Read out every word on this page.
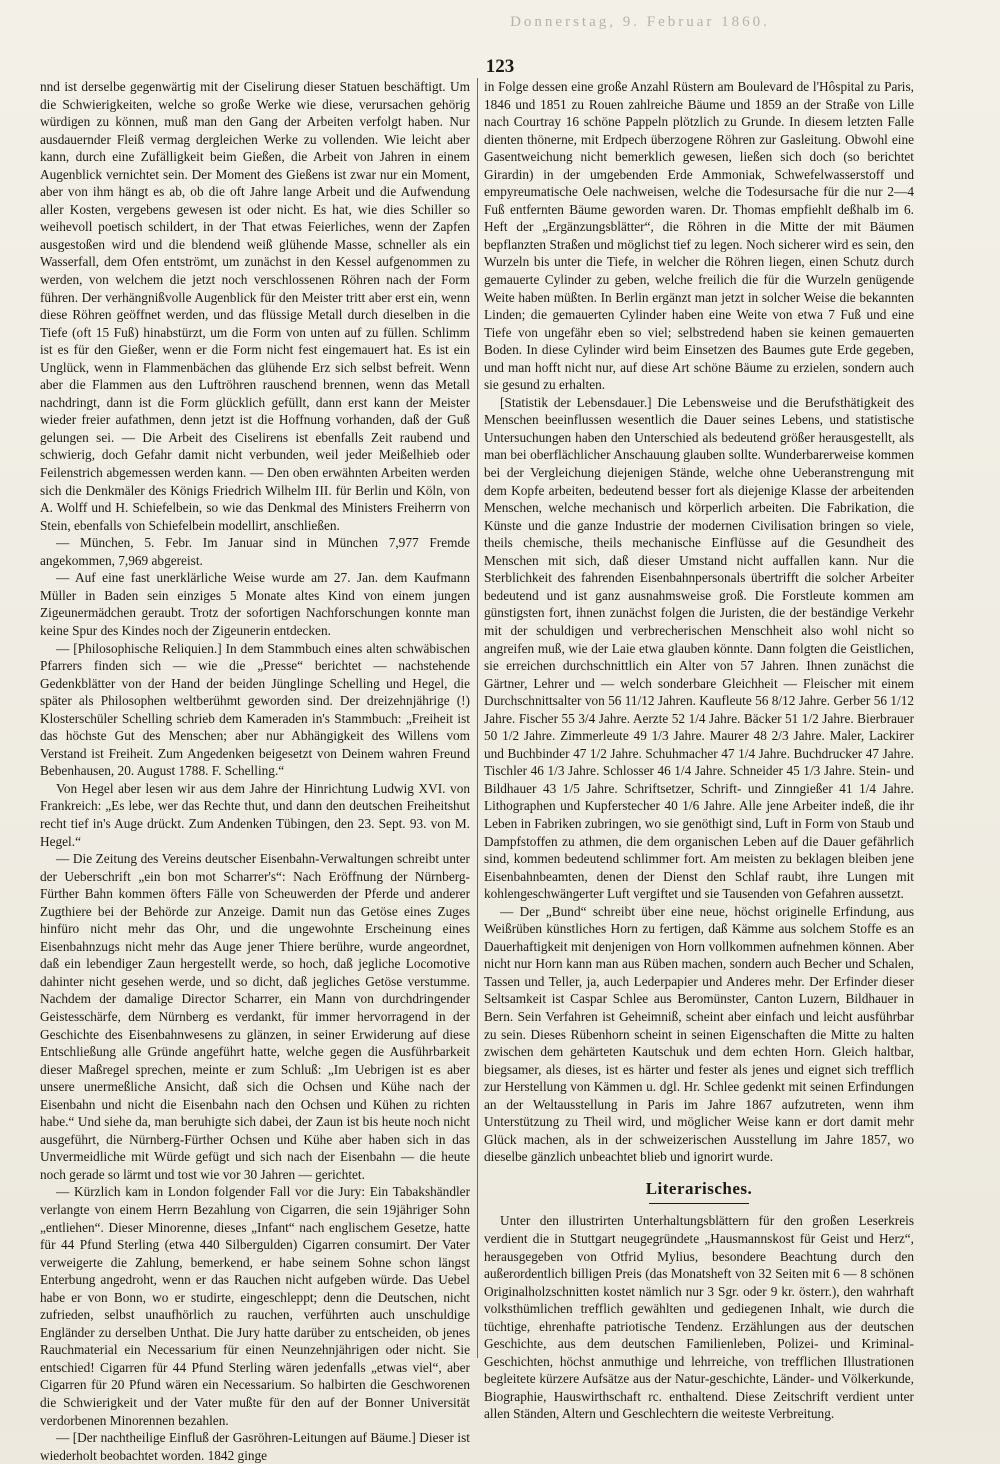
Donnerstag, 9. Februar 1860.
123

nnd ist derselbe gegenwärtig mit der Ciselirung dieser Statuen beschäftigt. Um die Schwierigkeiten, welche so große Werke wie diese, verursachen gehörig würdigen zu können, muß man den Gang der Arbeiten verfolgt haben. Nur ausdauernder Fleiß vermag dergleichen Werke zu vollenden. Wie leicht aber kann, durch eine Zufälligkeit beim Gießen, die Arbeit von Jahren in einem Augenblick vernichtet sein. Der Moment des Gießens ist zwar nur ein Moment, aber von ihm hängt es ab, ob die oft Jahre lange Arbeit und die Aufwendung aller Kosten, vergebens gewesen ist oder nicht. Es hat, wie dies Schiller so weihevoll poetisch schildert, in der That etwas Feierliches, wenn der Zapfen ausgestoßen wird und die blendend weiß glühende Masse, schneller als ein Wasserfall, dem Ofen entströmt, um zunächst in den Kessel aufgenommen zu werden, von welchem die jetzt noch verschlossenen Röhren nach der Form führen. Der verhängnißvolle Augenblick für den Meister tritt aber erst ein, wenn diese Röhren geöffnet werden, und das flüssige Metall durch dieselben in die Tiefe (oft 15 Fuß) hinabstürzt, um die Form von unten auf zu füllen. Schlimm ist es für den Gießer, wenn er die Form nicht fest eingemauert hat. Es ist ein Unglück, wenn in Flammenbächen das glühende Erz sich selbst befreit. Wenn aber die Flammen aus den Luftröhren rauschend brennen, wenn das Metall nachdringt, dann ist die Form glücklich gefüllt, dann erst kann der Meister wieder freier aufathmen, denn jetzt ist die Hoffnung vorhanden, daß der Guß gelungen sei. — Die Arbeit des Ciselirens ist ebenfalls Zeit raubend und schwierig, doch Gefahr damit nicht verbunden, weil jeder Meißelhieb oder Feilenstrich abgemessen werden kann. — Den oben erwähnten Arbeiten werden sich die Denkmäler des Königs Friedrich Wilhelm III. für Berlin und Köln, von A. Wolff und H. Schiefelbein, so wie das Denkmal des Ministers Freiherrn von Stein, ebenfalls von Schiefelbein modellirt, anschließen.

— München, 5. Febr. Im Januar sind in München 7,977 Fremde angekommen, 7,969 abgereist.

— Auf eine fast unerklärliche Weise wurde am 27. Jan. dem Kaufmann Müller in Baden sein einziges 5 Monate altes Kind von einem jungen Zigeunermädchen geraubt. Trotz der sofortigen Nachforschungen konnte man keine Spur des Kindes noch der Zigeunerin entdecken.

— [Philosophische Reliquien.] In dem Stammbuch eines alten schwäbischen Pfarrers finden sich — wie die „Presse“ berichtet — nachstehende Gedenkblätter von der Hand der beiden Jünglinge Schelling und Hegel, die später als Philosophen weltberühmt geworden sind. Der dreizehnjährige (!) Klosterschüler Schelling schrieb dem Kameraden in's Stammbuch: „Freiheit ist das höchste Gut des Menschen; aber nur Abhängigkeit des Willens vom Verstand ist Freiheit. Zum Angedenken beigesetzt von Deinem wahren Freund Bebenhausen, 20. August 1788. F. Schelling.“

Von Hegel aber lesen wir aus dem Jahre der Hinrichtung Ludwig XVI. von Frankreich: „Es lebe, wer das Rechte thut, und dann den deutschen Freiheitshut recht tief in's Auge drückt. Zum Andenken Tübingen, den 23. Sept. 93. von M. Hegel.“

— Die Zeitung des Vereins deutscher Eisenbahn-Verwaltungen schreibt unter der Ueberschrift „ein bon mot Scharrer's“: Nach Eröffnung der Nürnberg-Fürther Bahn kommen öfters Fälle von Scheuwerden der Pferde und anderer Zugthiere bei der Behörde zur Anzeige. Damit nun das Getöse eines Zuges hinfüro nicht mehr das Ohr, und die ungewohnte Erscheinung eines Eisenbahnzugs nicht mehr das Auge jener Thiere berühre, wurde angeordnet, daß ein lebendiger Zaun hergestellt werde, so hoch, daß jegliche Locomotive dahinter nicht gesehen werde, und so dicht, daß jegliches Getöse verstumme. Nachdem der damalige Director Scharrer, ein Mann von durchdringender Geistesschärfe, dem Nürnberg es verdankt, für immer hervorragend in der Geschichte des Eisenbahnwesens zu glänzen, in seiner Erwiderung auf diese Entschließung alle Gründe angeführt hatte, welche gegen die Ausführbarkeit dieser Maßregel sprechen, meinte er zum Schluß: „Im Uebrigen ist es aber unsere unermeßliche Ansicht, daß sich die Ochsen und Kühe nach der Eisenbahn und nicht die Eisenbahn nach den Ochsen und Kühen zu richten habe.“ Und siehe da, man beruhigte sich dabei, der Zaun ist bis heute noch nicht ausgeführt, die Nürnberg-Fürther Ochsen und Kühe aber haben sich in das Unvermeidliche mit Würde gefügt und sich nach der Eisenbahn — die heute noch gerade so lärmt und tost wie vor 30 Jahren — gerichtet.

— Kürzlich kam in London folgender Fall vor die Jury: Ein Tabakshändler verlangte von einem Herrn Bezahlung von Cigarren, die sein 19jähriger Sohn „entliehen“. Dieser Minorenne, dieses „Infant“ nach englischem Gesetze, hatte für 44 Pfund Sterling (etwa 440 Silbergulden) Cigarren consumirt. Der Vater verweigerte die Zahlung, bemerkend, er habe seinem Sohne schon längst Enterbung angedroht, wenn er das Rauchen nicht aufgeben würde. Das Uebel habe er von Bonn, wo er studirte, eingeschleppt; denn die Deutschen, nicht zufrieden, selbst unaufhörlich zu rauchen, verführten auch unschuldige Engländer zu derselben Unthat. Die Jury hatte darüber zu entscheiden, ob jenes Rauchmaterial ein Necessarium für einen Neunzehnjährigen oder nicht. Sie entschied! Cigarren für 44 Pfund Sterling wären jedenfalls „etwas viel“, aber Cigarren für 20 Pfund wären ein Necessarium. So halbirten die Geschworenen die Schwierigkeit und der Vater mußte für den auf der Bonner Universität verdorbenen Minorennen bezahlen.

— [Der nachtheilige Einfluß der Gasröhren-Leitungen auf Bäume.] Dieser ist wiederholt beobachtet worden. 1842 ginge

in Folge dessen eine große Anzahl Rüstern am Boulevard de l'Hôspital zu Paris, 1846 und 1851 zu Rouen zahlreiche Bäume und 1859 an der Straße von Lille nach Courtray 16 schöne Pappeln plötzlich zu Grunde. In diesem letzten Falle dienten thönerne, mit Erdpech überzogene Röhren zur Gasleitung. Obwohl eine Gasentweichung nicht bemerklich gewesen, ließen sich doch (so berichtet Girardin) in der umgebenden Erde Ammoniak, Schwefelwasserstoff und empyreumatische Oele nachweisen, welche die Todesursache für die nur 2—4 Fuß entfernten Bäume geworden waren. Dr. Thomas empfiehlt deßhalb im 6. Heft der „Ergänzungsblätter“, die Röhren in die Mitte der mit Bäumen bepflanzten Straßen und möglichst tief zu legen. Noch sicherer wird es sein, den Wurzeln bis unter die Tiefe, in welcher die Röhren liegen, einen Schutz durch gemauerte Cylinder zu geben, welche freilich die für die Wurzeln genügende Weite haben müßten. In Berlin ergänzt man jetzt in solcher Weise die bekannten Linden; die gemauerten Cylinder haben eine Weite von etwa 7 Fuß und eine Tiefe von ungefähr eben so viel; selbstredend haben sie keinen gemauerten Boden. In diese Cylinder wird beim Einsetzen des Baumes gute Erde gegeben, und man hofft nicht nur, auf diese Art schöne Bäume zu erzielen, sondern auch sie gesund zu erhalten.

[Statistik der Lebensdauer.] Die Lebensweise und die Berufsthätigkeit des Menschen beeinflussen wesentlich die Dauer seines Lebens, und statistische Untersuchungen haben den Unterschied als bedeutend größer herausgestellt, als man bei oberflächlicher Anschauung glauben sollte. Wunderbarerweise kommen bei der Vergleichung diejenigen Stände, welche ohne Ueberanstrengung mit dem Kopfe arbeiten, bedeutend besser fort als diejenige Klasse der arbeitenden Menschen, welche mechanisch und körperlich arbeiten. Die Fabrikation, die Künste und die ganze Industrie der modernen Civilisation bringen so viele, theils chemische, theils mechanische Einflüsse auf die Gesundheit des Menschen mit sich, daß dieser Umstand nicht auffallen kann. Nur die Sterblichkeit des fahrenden Eisenbahnpersonals übertrifft die solcher Arbeiter bedeutend und ist ganz ausnahmsweise groß. Die Forstleute kommen am günstigsten fort, ihnen zunächst folgen die Juristen, die der beständige Verkehr mit der schuldigen und verbrecherischen Menschheit also wohl nicht so angreifen muß, wie der Laie etwa glauben könnte. Dann folgten die Geistlichen, sie erreichen durchschnittlich ein Alter von 57 Jahren. Ihnen zunächst die Gärtner, Lehrer und — welch sonderbare Gleichheit — Fleischer mit einem Durchschnittsalter von 56 11/12 Jahren. Kaufleute 56 8/12 Jahre. Gerber 56 1/12 Jahre. Fischer 55 3/4 Jahre. Aerzte 52 1/4 Jahre. Bäcker 51 1/2 Jahre. Bierbrauer 50 1/2 Jahre. Zimmerleute 49 1/3 Jahre. Maurer 48 2/3 Jahre. Maler, Lackirer und Buchbinder 47 1/2 Jahre. Schuhmacher 47 1/4 Jahre. Buchdrucker 47 Jahre. Tischler 46 1/3 Jahre. Schlosser 46 1/4 Jahre. Schneider 45 1/3 Jahre. Stein- und Bildhauer 43 1/5 Jahre. Schriftsetzer, Schrift- und Zinngießer 41 1/4 Jahre. Lithographen und Kupferstecher 40 1/6 Jahre. Alle jene Arbeiter indeß, die ihr Leben in Fabriken zubringen, wo sie genöthigt sind, Luft in Form von Staub und Dampfstoffen zu athmen, die dem organischen Leben auf die Dauer gefährlich sind, kommen bedeutend schlimmer fort. Am meisten zu beklagen bleiben jene Eisenbahnbeamten, denen der Dienst den Schlaf raubt, ihre Lungen mit kohlengeschwängerter Luft vergiftet und sie Tausenden von Gefahren aussetzt.

— Der „Bund“ schreibt über eine neue, höchst originelle Erfindung, aus Weißrüben künstliches Horn zu fertigen, daß Kämme aus solchem Stoffe es an Dauerhaftigkeit mit denjenigen von Horn vollkommen aufnehmen können. Aber nicht nur Horn kann man aus Rüben machen, sondern auch Becher und Schalen, Tassen und Teller, ja, auch Lederpapier und Anderes mehr. Der Erfinder dieser Seltsamkeit ist Caspar Schlee aus Beromünster, Canton Luzern, Bildhauer in Bern. Sein Verfahren ist Geheimniß, scheint aber einfach und leicht ausführbar zu sein. Dieses Rübenhorn scheint in seinen Eigenschaften die Mitte zu halten zwischen dem gehärteten Kautschuk und dem echten Horn. Gleich haltbar, biegsamer, als dieses, ist es härter und fester als jenes und eignet sich trefflich zur Herstellung von Kämmen u. dgl. Hr. Schlee gedenkt mit seinen Erfindungen an der Weltausstellung in Paris im Jahre 1867 aufzutreten, wenn ihm Unterstützung zu Theil wird, und möglicher Weise kann er dort damit mehr Glück machen, als in der schweizerischen Ausstellung im Jahre 1857, wo dieselbe gänzlich unbeachtet blieb und ignorirt wurde.

Literarisches.

Unter den illustrirten Unterhaltungsblättern für den großen Leserkreis verdient die in Stuttgart neugegründete „Hausmannskost für Geist und Herz“, herausgegeben von Otfrid Mylius, besondere Beachtung durch den außerordentlich billigen Preis (das Monatsheft von 32 Seiten mit 6 — 8 schönen Originalholzschnitten kostet nämlich nur 3 Sgr. oder 9 kr. österr.), den wahrhaft volksthümlichen trefflich gewählten und gediegenen Inhalt, wie durch die tüchtige, ehrenhafte patriotische Tendenz. Erzählungen aus der deutschen Geschichte, aus dem deutschen Familienleben, Polizei- und Kriminal-Geschichten, höchst anmuthige und lehrreiche, von trefflichen Illustrationen begleitete kürzere Aufsätze aus der Natur-geschichte, Länder- und Völkerkunde, Biographie, Hauswirthschaft rc. enthaltend. Diese Zeitschrift verdient unter allen Ständen, Altern und Geschlechtern die weiteste Verbreitung.
